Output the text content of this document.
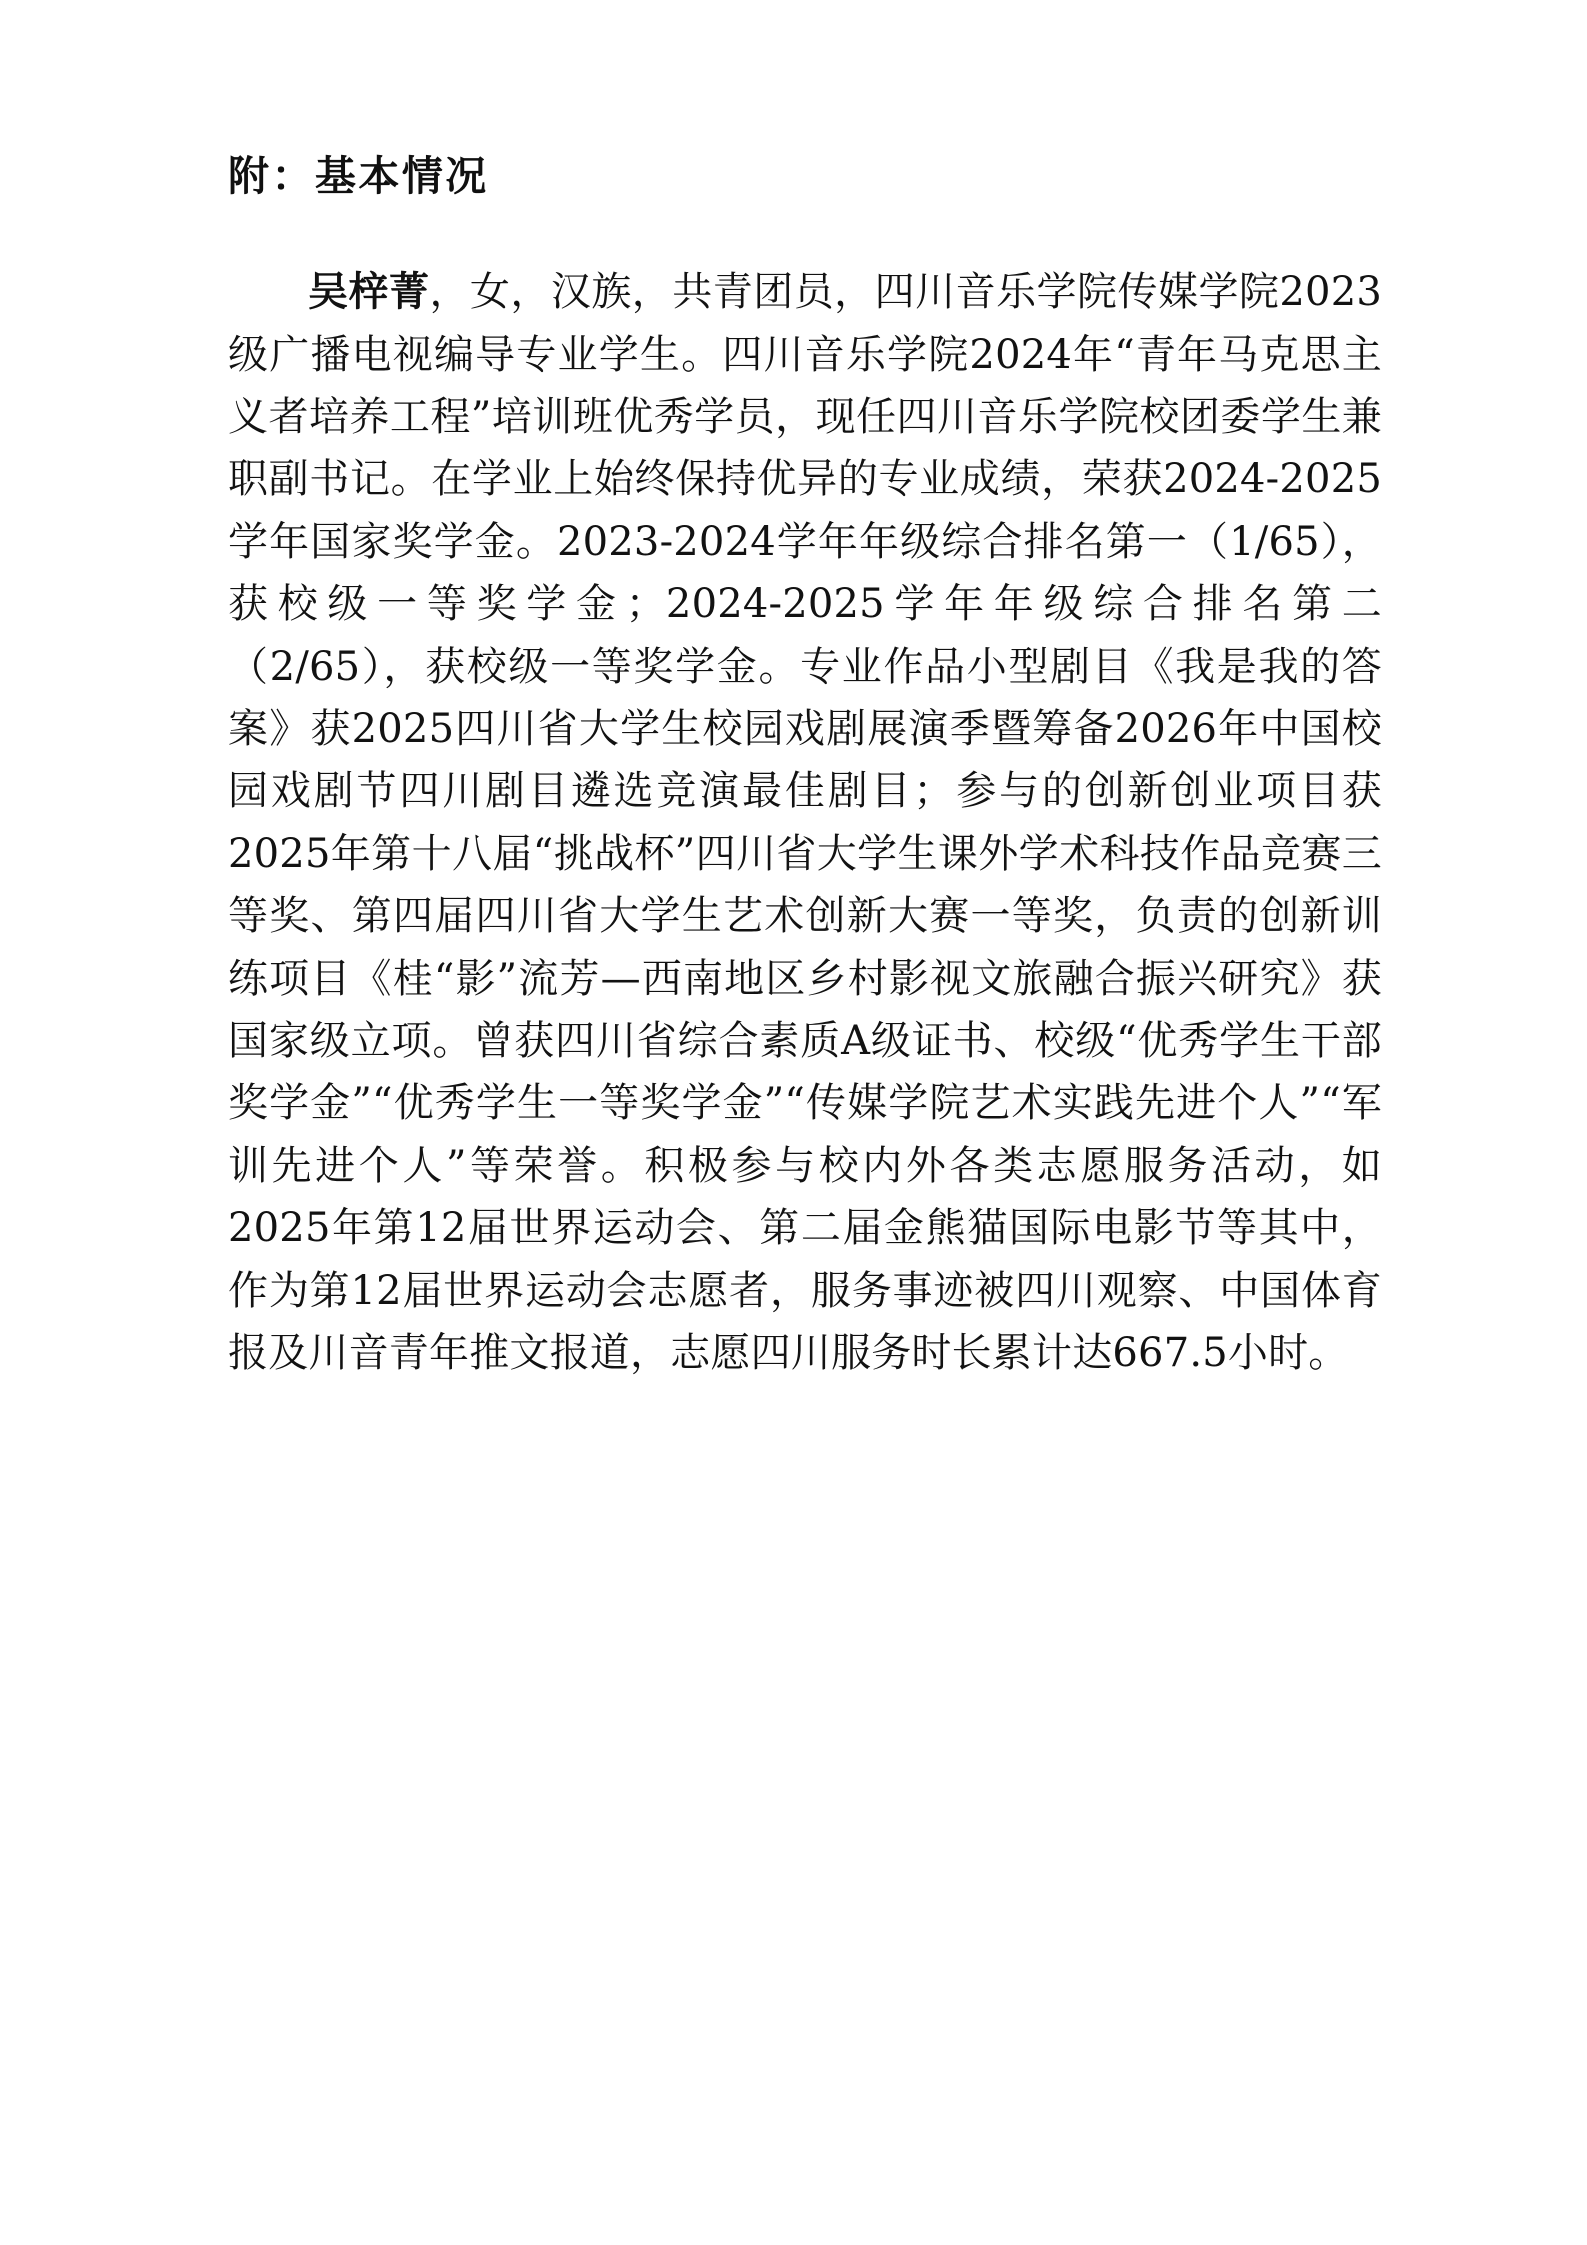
附：基本情况

吴梓菁，女，汉族，共青团员，四川音乐学院传媒学院2023级广播电视编导专业学生。四川音乐学院2024年“青年马克思主义者培养工程”培训班优秀学员，现任四川音乐学院校团委学生兼职副书记。在学业上始终保持优异的专业成绩，荣获2024-2025学年国家奖学金。2023-2024学年年级综合排名第一（1/65），获校级一等奖学金；2024-2025学年年级综合排名第二（2/65），获校级一等奖学金。专业作品小型剧目《我是我的答案》获2025四川省大学生校园戏剧展演季暨筹备2026年中国校园戏剧节四川剧目遴选竞演最佳剧目；参与的创新创业项目获2025年第十八届“挑战杯”四川省大学生课外学术科技作品竞赛三等奖、第四届四川省大学生艺术创新大赛一等奖，负责的创新训练项目《桂“影”流芳—西南地区乡村影视文旅融合振兴研究》获国家级立项。曾获四川省综合素质A级证书、校级“优秀学生干部奖学金”“优秀学生一等奖学金”“传媒学院艺术实践先进个人”“军训先进个人”等荣誉。积极参与校内外各类志愿服务活动，如2025年第12届世界运动会、第二届金熊猫国际电影节等其中，作为第12届世界运动会志愿者，服务事迹被四川观察、中国体育报及川音青年推文报道，志愿四川服务时长累计达667.5小时。
